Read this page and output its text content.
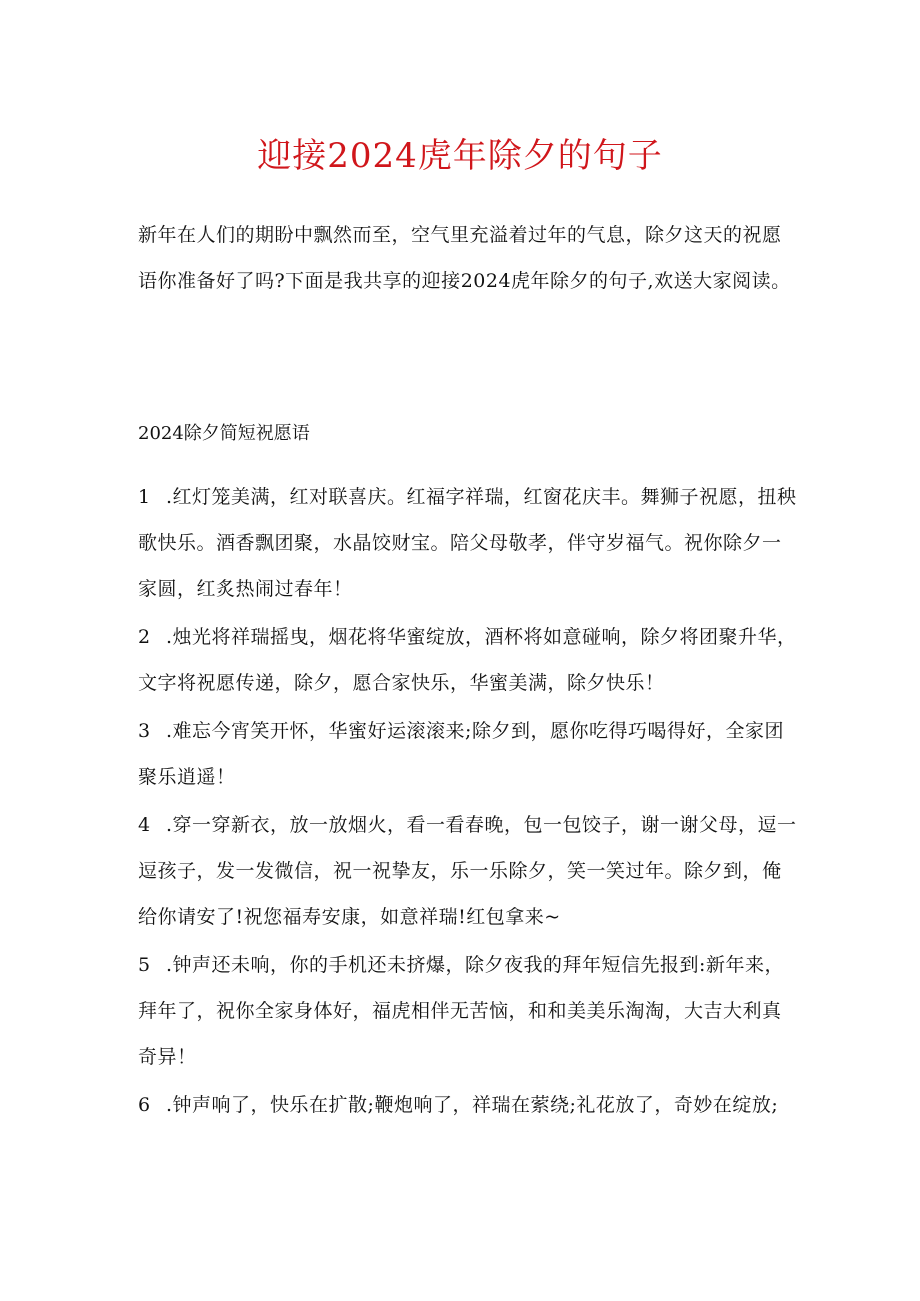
迎接2024虎年除夕的句子
新年在人们的期盼中飘然而至，空气里充溢着过年的气息，除夕这天的祝愿语你准备好了吗?下面是我共享的迎接2024虎年除夕的句子,欢送大家阅读。
2024除夕简短祝愿语
1 .红灯笼美满，红对联喜庆。红福字祥瑞，红窗花庆丰。舞狮子祝愿，扭秧歌快乐。酒香飘团聚，水晶饺财宝。陪父母敬孝，伴守岁福气。祝你除夕一家圆，红炙热闹过春年！
2 .烛光将祥瑞摇曳，烟花将华蜜绽放，酒杯将如意碰响，除夕将团聚升华，文字将祝愿传递，除夕，愿合家快乐，华蜜美满，除夕快乐！
3 .难忘今宵笑开怀，华蜜好运滚滚来;除夕到，愿你吃得巧喝得好，全家团聚乐逍遥！
4 .穿一穿新衣，放一放烟火，看一看春晚，包一包饺子，谢一谢父母，逗一逗孩子，发一发微信，祝一祝挚友，乐一乐除夕，笑一笑过年。除夕到，俺给你请安了!祝您福寿安康，如意祥瑞!红包拿来~
5 .钟声还未响，你的手机还未挤爆，除夕夜我的拜年短信先报到:新年来，拜年了，祝你全家身体好，福虎相伴无苦恼，和和美美乐淘淘，大吉大利真奇异！
6 .钟声响了，快乐在扩散;鞭炮响了，祥瑞在萦绕;礼花放了，奇妙在绽放;
